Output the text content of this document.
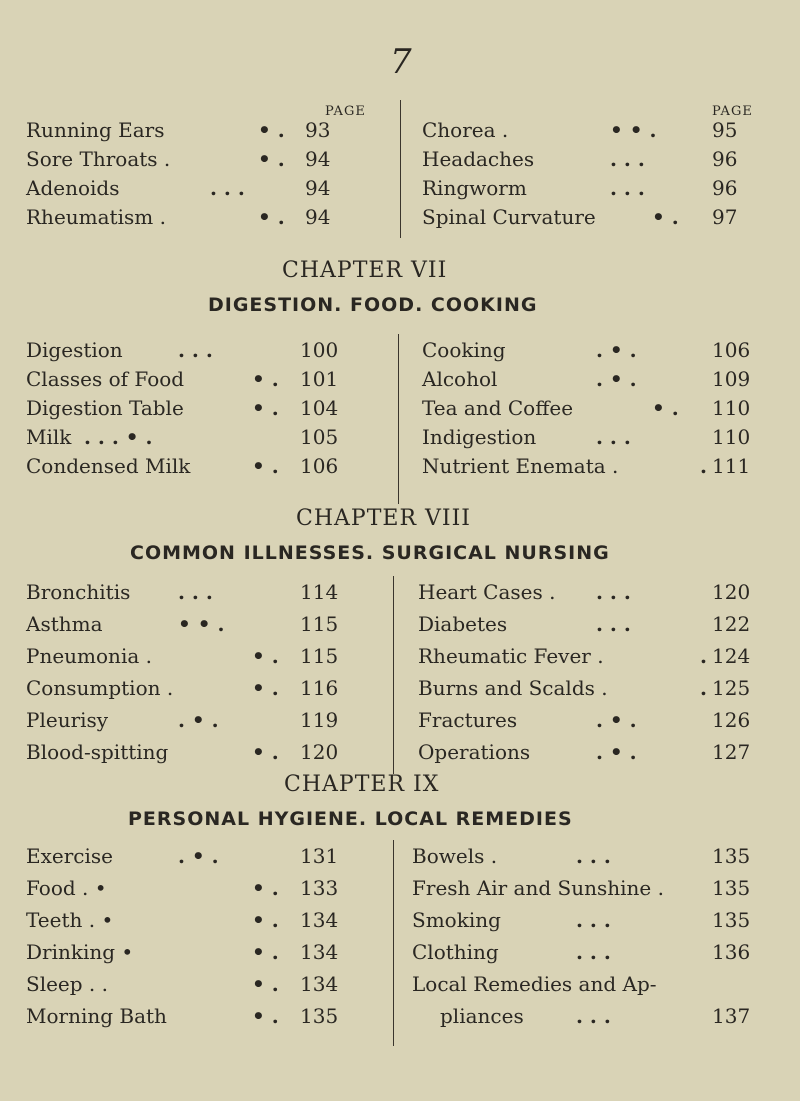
7
PAGE	PAGE
Running Ears	• . 93
Sore Throats .	• . 94
Adenoids	. . .	94
Rheumatism .	• . 94
Chorea .	• • .	95
Headaches	. . .	96
Ringworm	. . .	96
Spinal Curvature	• . 97
CHAPTER VII
DIGESTION. FOOD. COOKING
Digestion	. . .	100
Classes of Food	• . 101
Digestion Table	• . 104
Milk . . . • .	105
Condensed Milk	• . 106
Cooking	. • .	106
Alcohol	. • .	109
Tea and Coffee	• . 110
Indigestion	. . .	110
Nutrient Enemata .	. 111
CHAPTER VIII
COMMON ILLNESSES. SURGICAL NURSING
Bronchitis . . .	114
Asthma	• • .	115
Pneumonia .	• . 115
Consumption .	• . 116
Pleurisy	. • .	119
Blood-spitting	• . 120
Heart Cases . . . .	120
Diabetes	. . .	122
Rheumatic Fever .	. 124
Burns and Scalds .	. 125
Fractures	. • .	126
Operations	. • .	127
CHAPTER IX
PERSONAL HYGIENE. LOCAL REMEDIES
Exercise	. • .	131
Food . •	• . 133
Teeth . •	• . 134
Drinking •	• . 134
Sleep . .	• . 134
Morning Bath	• . 135
Bowels .	. . .	135
Fresh Air and Sunshine . 135
Smoking	. . .	135
Clothing	. . .	136
Local Remedies and Ap-
pliances	. . .	137
